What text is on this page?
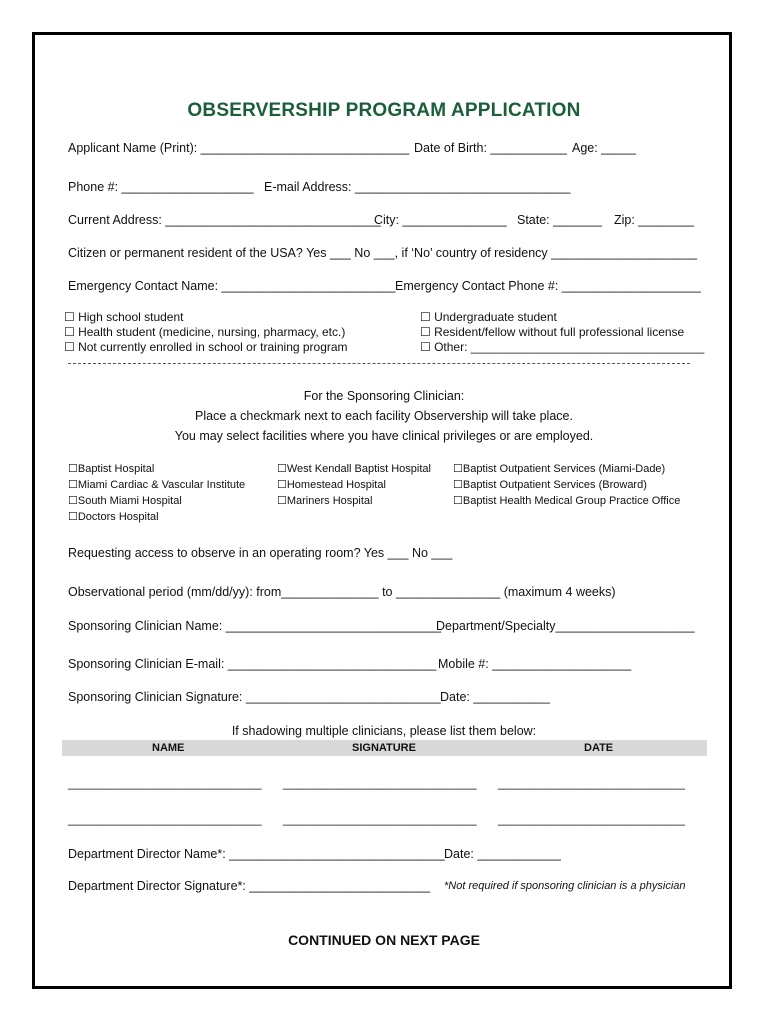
OBSERVERSHIP PROGRAM APPLICATION
Applicant Name (Print): ______________________________ Date of Birth: ___________ Age: _____
Phone #: ___________________ E-mail Address: _______________________________
Current Address: _______________________________
City: _______________ State: _______ Zip: ________
Citizen or permanent resident of the USA? Yes ___ No ___, if ‘No’ country of residency _____________________
Emergency Contact Name: _________________________ Emergency Contact Phone #: ____________________
☐ High school student
☐ Health student (medicine, nursing, pharmacy, etc.)
☐ Not currently enrolled in school or training program
☐ Undergraduate student
☐ Resident/fellow without full professional license
☐ Other: ___________________________________
For the Sponsoring Clinician:
Place a checkmark next to each facility Observership will take place.
You may select facilities where you have clinical privileges or are employed.
☐Baptist Hospital
☐Miami Cardiac & Vascular Institute
☐South Miami Hospital
☐Doctors Hospital
☐West Kendall Baptist Hospital
☐Homestead Hospital
☐Mariners Hospital
☐Baptist Outpatient Services (Miami-Dade)
☐Baptist Outpatient Services (Broward)
☐Baptist Health Medical Group Practice Office
Requesting access to observe in an operating room? Yes ___ No ___
Observational period (mm/dd/yy): from______________ to _______________ (maximum 4 weeks)
Sponsoring Clinician Name: _______________________________
Department/Specialty____________________
Sponsoring Clinician E-mail: ______________________________ Mobile #: ____________________
Sponsoring Clinician Signature: ____________________________ Date: ___________
If shadowing multiple clinicians, please list them below:
NAME	SIGNATURE	DATE
_____________________________ _____________________________ ____________________________
_____________________________ _____________________________ ____________________________
Department Director Name*: _______________________________ Date: ____________
Department Director Signature*: __________________________ *Not required if sponsoring clinician is a physician
CONTINUED ON NEXT PAGE
